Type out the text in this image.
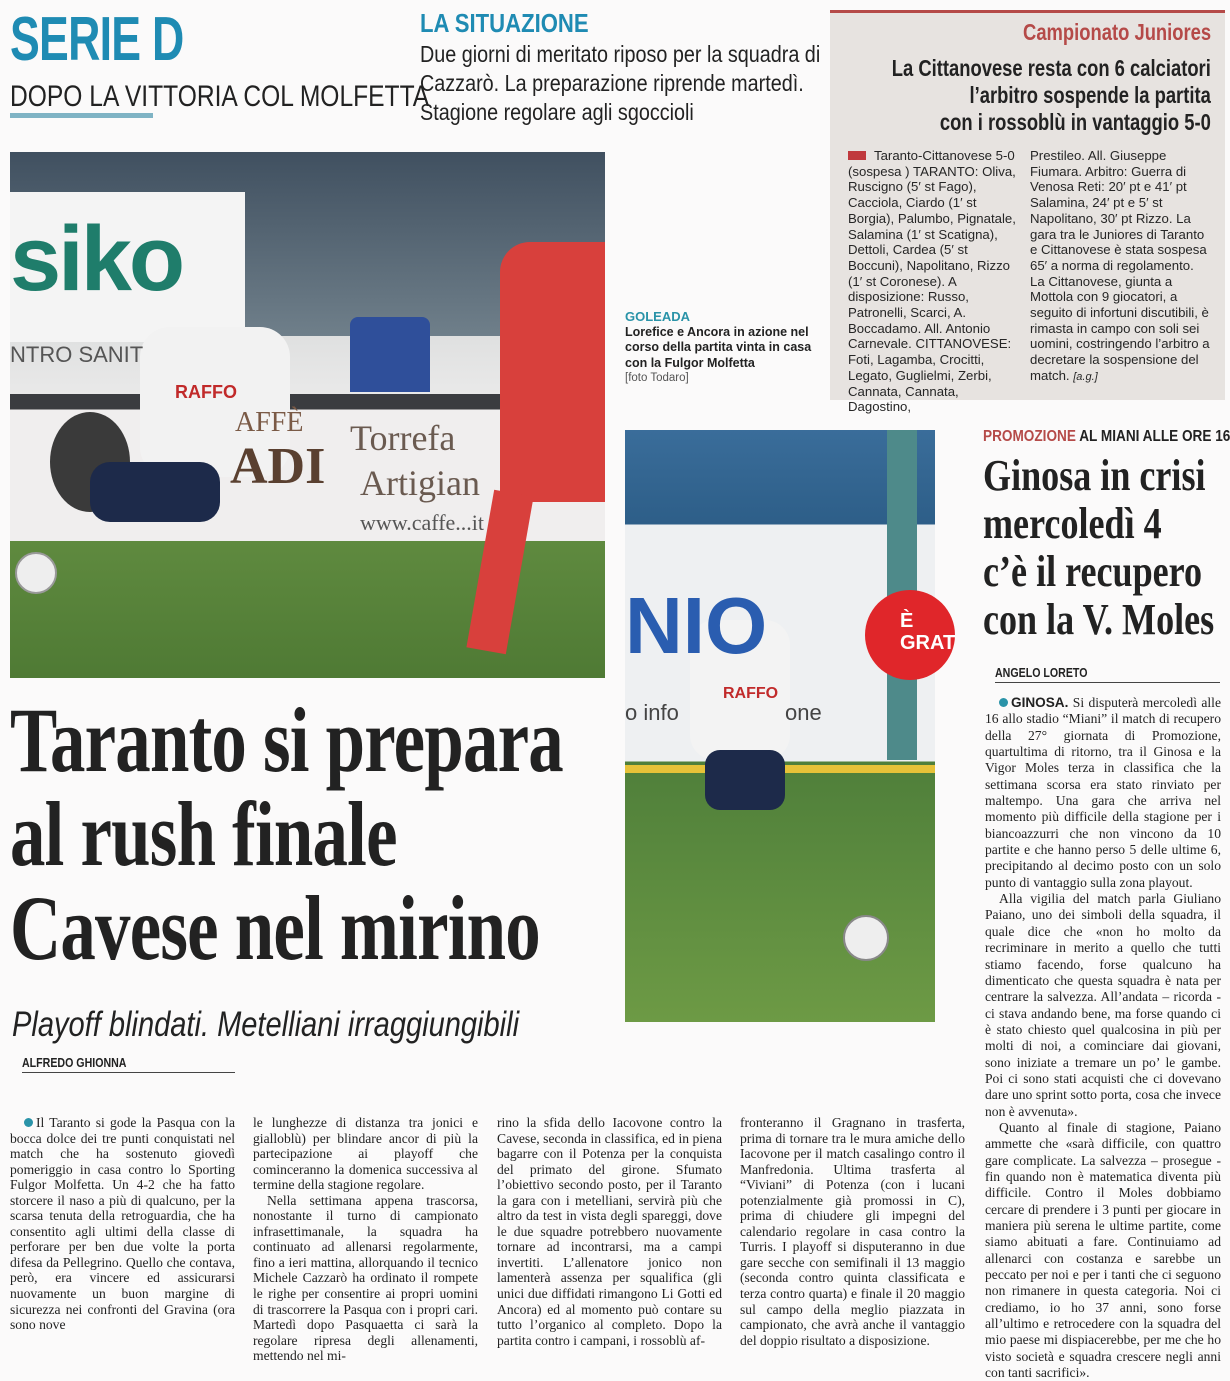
SERIE D
DOPO LA VITTORIA COL MOLFETTA
LA SITUAZIONE
Due giorni di meritato riposo per la squadra di Cazzarò. La preparazione riprende martedì. Stagione regolare agli sgoccioli
Campionato Juniores
La Cittanovese resta con 6 calciatori
l’arbitro sospende la partita
con i rossoblù in vantaggio 5-0
Taranto-Cittanovese 5-0 (sospesa ) TARANTO: Oliva, Ruscigno (5′ st Fago), Cacciola, Ciardo (1′ st Borgia), Palumbo, Pignatale, Salamina (1′ st Scatigna), Dettoli, Cardea (5′ st Boccuni), Napolitano, Rizzo (1′ st Coronese). A disposizione: Russo, Patronelli, Scarci, A. Boccadamo. All. Antonio Carnevale. CITTANOVESE: Foti, Lagamba, Crocitti, Legato, Guglielmi, Zerbi, Cannata, Cannata, Dagostino,
Prestileo. All. Giuseppe Fiumara. Arbitro: Guerra di Venosa Reti: 20′ pt e 41′ pt Salamina, 24′ pt e 5′ st Napolitano, 30′ pt Rizzo. La gara tra le Juniores di Taranto e Cittanovese è stata sospesa 65′ a norma di regolamento. La Cittanovese, giunta a Mottola con 9 giocatori, a seguito di infortuni discutibili, è rimasta in campo con soli sei uomini, costringendo l’arbitro a decretare la sospensione del match. [a.g.]
siko
NTRO SANIT
AFFÈ
ADI Torrefa
Artigian
www.caffe...it
RAFFO
GOLEADA
Lorefice e Ancora in azione nel corso della partita vinta in casa con la Fulgor Molfetta
[foto Todaro]
NIO	È GRAT
o info	one
RAFFO
PROMOZIONE AL MIANI ALLE ORE 16
Ginosa in crisi
mercoledì 4
c’è il recupero
con la V. Moles
ANGELO LORETO

GINOSA. Si disputerà mercoledì alle 16 allo stadio “Miani” il match di recupero della 27° giornata di Promozione, quartultima di ritorno, tra il Ginosa e la Vigor Moles terza in classifica che la settimana scorsa era stato rinviato per maltempo. Una gara che arriva nel momento più difficile della stagione per i biancoazzurri che non vincono da 10 partite e che hanno perso 5 delle ultime 6, precipitando al decimo posto con un solo punto di vantaggio sulla zona playout.

Alla vigilia del match parla Giuliano Paiano, uno dei simboli della squadra, il quale dice che «non ho molto da recriminare in merito a quello che tutti stiamo facendo, forse qualcuno ha dimenticato che questa squadra è nata per centrare la salvezza. All’andata – ricorda - ci stava andando bene, ma forse quando ci è stato chiesto quel qualcosina in più per molti di noi, a cominciare dai giovani, sono iniziate a tremare un po’ le gambe. Poi ci sono stati acquisti che ci dovevano dare uno sprint sotto porta, cosa che invece non è avvenuta».

Quanto al finale di stagione, Paiano ammette che «sarà difficile, con quattro gare complicate. La salvezza – prosegue - fin quando non è matematica diventa più difficile. Contro il Moles dobbiamo cercare di prendere i 3 punti per giocare in maniera più serena le ultime partite, come siamo abituati a fare. Continuiamo ad allenarci con costanza e sarebbe un peccato per noi e per i tanti che ci seguono non rimanere in questa categoria. Noi ci crediamo, io ho 37 anni, sono forse all’ultimo e retrocedere con la squadra del mio paese mi dispiacerebbe, per me che ho visto società e squadra crescere negli anni con tanti sacrifici».

Taranto si prepara
al rush finale
Cavese nel mirino
Playoff blindati. Metelliani irraggiungibili
ALFREDO GHIONNA

Il Taranto si gode la Pasqua con la bocca dolce dei tre punti conquistati nel match che ha sostenuto giovedì pomeriggio in casa contro lo Sporting Fulgor Molfetta. Un 4-2 che ha fatto storcere il naso a più di qualcuno, per la scarsa tenuta della retroguardia, che ha consentito agli ultimi della classe di perforare per ben due volte la porta difesa da Pellegrino. Quello che contava, però, era vincere ed assicurarsi nuovamente un buon margine di sicurezza nei confronti del Gravina (ora sono nove

le lunghezze di distanza tra jonici e gialloblù) per blindare ancor di più la partecipazione ai playoff che cominceranno la domenica successiva al termine della stagione regolare.

Nella settimana appena trascorsa, nonostante il turno di campionato infrasettimanale, la squadra ha continuato ad allenarsi regolarmente, fino a ieri mattina, allorquando il tecnico Michele Cazzarò ha ordinato il rompete le righe per consentire ai propri uomini di trascorrere la Pasqua con i propri cari. Martedì dopo Pasquaetta ci sarà la regolare ripresa degli allenamenti, mettendo nel mi-

rino la sfida dello Iacovone contro la Cavese, seconda in classifica, ed in piena bagarre con il Potenza per la conquista del primato del girone. Sfumato l’obiettivo secondo posto, per il Taranto la gara con i metelliani, servirà più che altro da test in vista degli spareggi, dove le due squadre potrebbero nuovamente tornare ad incontrarsi, ma a campi invertiti. L’allenatore jonico non lamenterà assenza per squalifica (gli unici due diffidati rimangono Li Gotti ed Ancora) ed al momento può contare su tutto l’organico al completo. Dopo la partita contro i campani, i rossoblù af-

fronteranno il Gragnano in trasferta, prima di tornare tra le mura amiche dello Iacovone per il match casalingo contro il Manfredonia. Ultima trasferta al “Viviani” di Potenza (con i lucani potenzialmente già promossi in C), prima di chiudere gli impegni del calendario regolare in casa contro la Turris. I playoff si disputeranno in due gare secche con semifinali il 13 maggio (seconda contro quinta classificata e terza contro quarta) e finale il 20 maggio sul campo della meglio piazzata in campionato, che avrà anche il vantaggio del doppio risultato a disposizione.
